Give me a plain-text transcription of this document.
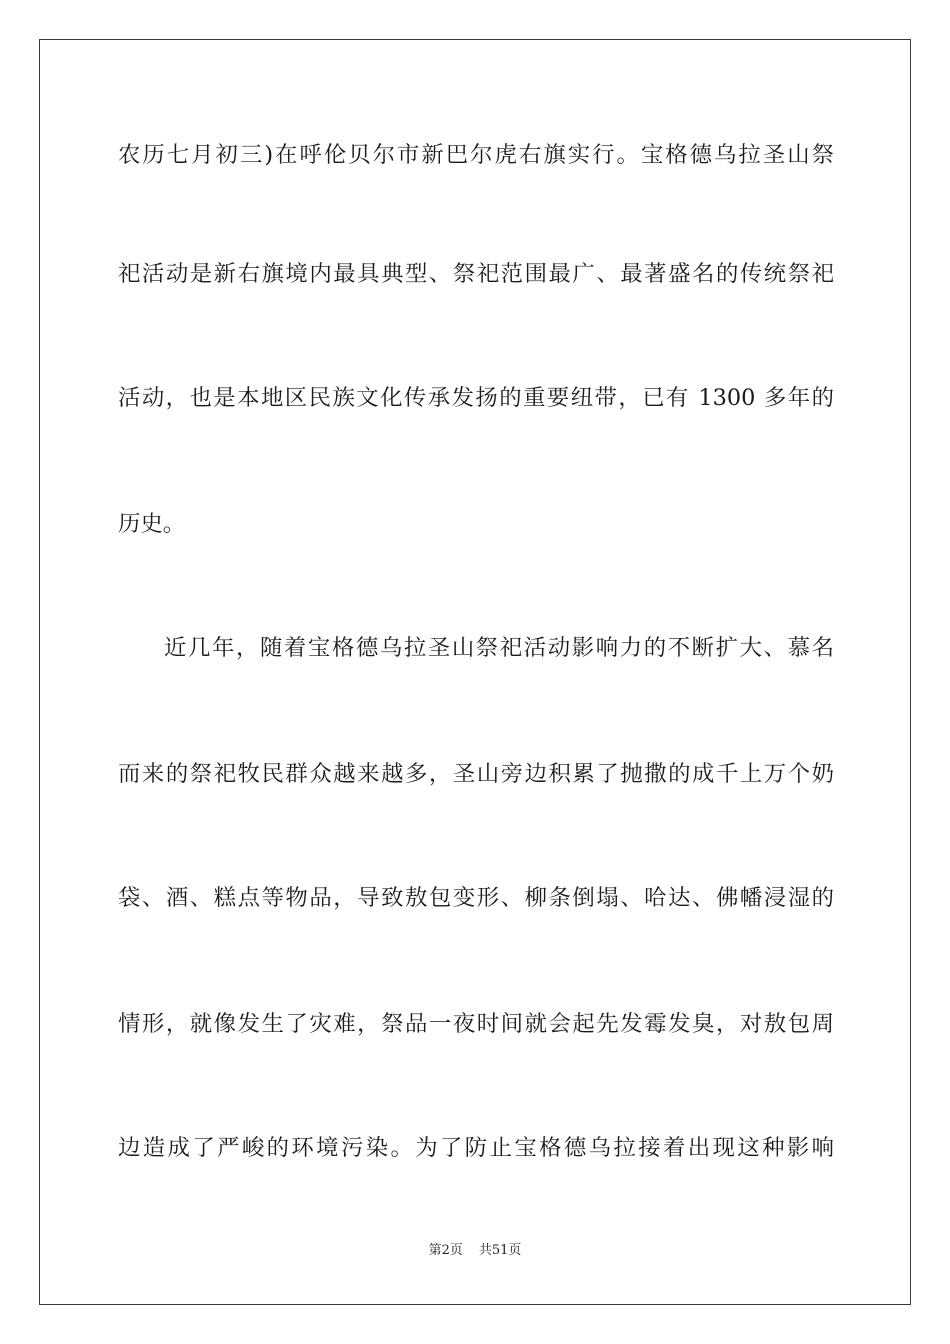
农历七月初三)在呼伦贝尔市新巴尔虎右旗实行。宝格德乌拉圣山祭
祀活动是新右旗境内最具典型、祭祀范围最广、最著盛名的传统祭祀
活动，也是本地区民族文化传承发扬的重要纽带，已有 1300 多年的
历史。
近几年，随着宝格德乌拉圣山祭祀活动影响力的不断扩大、慕名
而来的祭祀牧民群众越来越多，圣山旁边积累了抛撒的成千上万个奶
袋、酒、糕点等物品，导致敖包变形、柳条倒塌、哈达、佛幡浸湿的
情形，就像发生了灾难，祭品一夜时间就会起先发霉发臭，对敖包周
边造成了严峻的环境污染。为了防止宝格德乌拉接着出现这种影响
第2页 共51页
